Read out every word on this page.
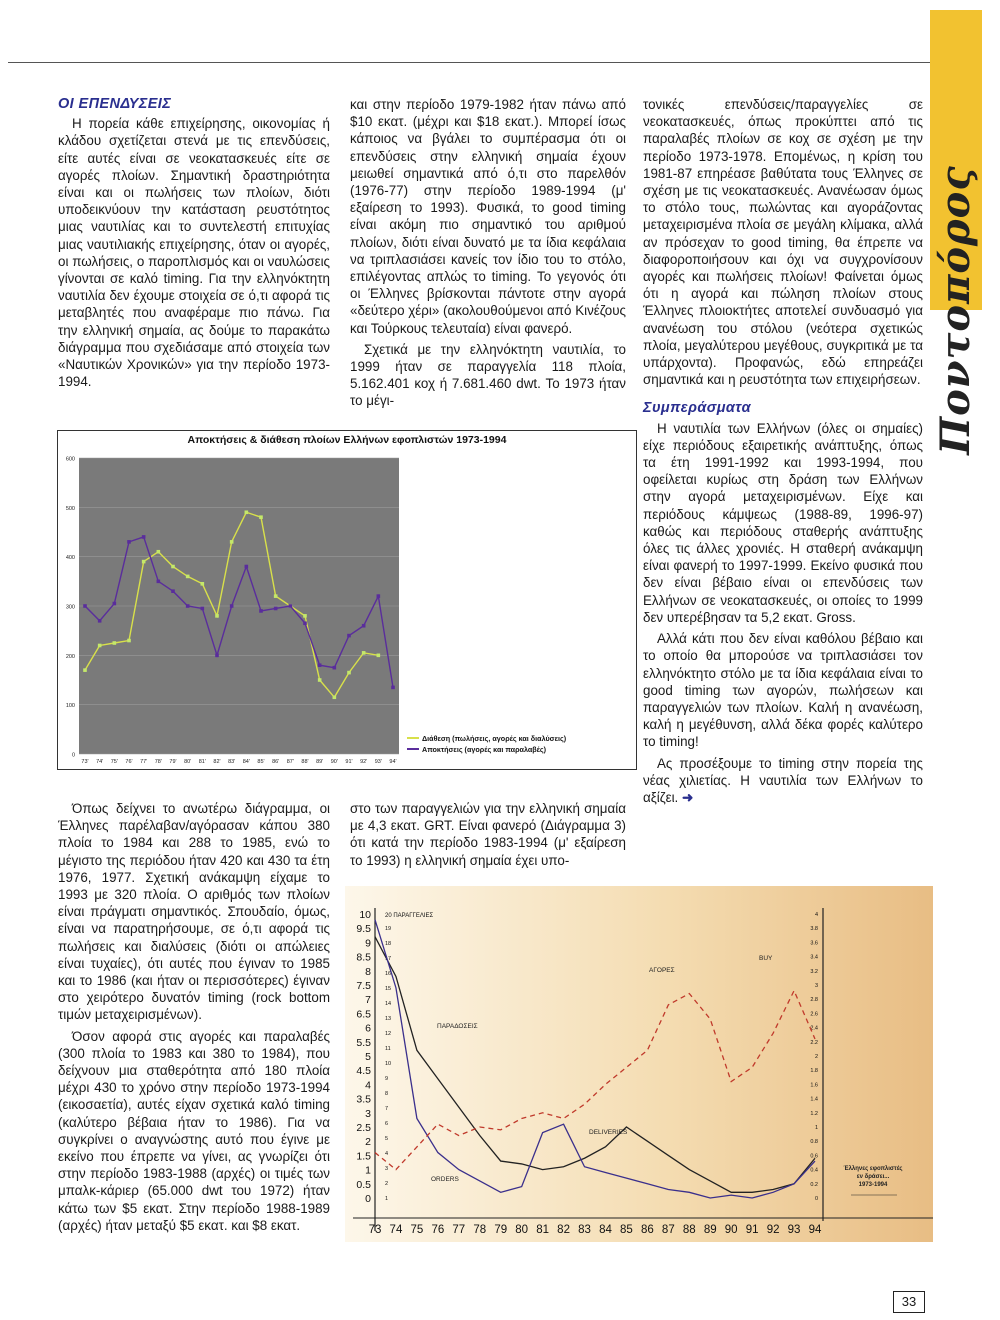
Ποντοπόρος
ΟΙ ΕΠΕΝΔΥΣΕΙΣ

Η πορεία κάθε επιχείρησης, οικονομίας ή κλάδου σχετίζεται στενά με τις επενδύσεις, είτε αυτές είναι σε νεοκατασκευές είτε σε αγορές πλοίων. Σημαντική δραστηριότητα είναι και οι πωλήσεις των πλοίων, διότι υποδεικνύουν την κατάσταση ρευστότητος μιας ναυτιλίας και το συντελεστή επιτυχίας μιας ναυτιλιακής επιχείρησης, όταν οι αγορές, οι πωλήσεις, ο παροπλισμός και οι ναυλώσεις γίνονται σε καλό timing. Για την ελληνόκτητη ναυτιλία δεν έχουμε στοιχεία σε ό,τι αφορά τις μεταβλητές που αναφέραμε πιο πάνω. Για την ελληνική σημαία, ας δούμε το παρακάτω διάγραμμα που σχεδιάσαμε από στοιχεία των «Ναυτικών Χρονικών» για την περίοδο 1973-1994.

και στην περίοδο 1979-1982 ήταν πάνω από $10 εκατ. (μέχρι και $18 εκατ.). Μπορεί ίσως κάποιος να βγάλει το συμπέρασμα ότι οι επενδύσεις στην ελληνική σημαία έχουν μειωθεί σημαντικά από ό,τι στο παρελθόν (1976-77) στην περίοδο 1989-1994 (μ' εξαίρεση το 1993). Φυσικά, το good timing είναι ακόμη πιο σημαντικό του αριθμού πλοίων, διότι είναι δυνατό με τα ίδια κεφάλαια να τριπλασιάσει κανείς τον ίδιο του το στόλο, επιλέγοντας απλώς το timing. Το γεγονός ότι οι Έλληνες βρίσκονται πάντοτε στην αγορά «δεύτερο χέρι» (ακολουθούμενοι από Κινέζους και Τούρκους τελευταία) είναι φανερό.

Σχετικά με την ελληνόκτητη ναυτιλία, το 1999 ήταν σε παραγγελία 118 πλοία, 5.162.401 κοχ ή 7.681.460 dwt. Το 1973 ήταν το μέγι-

τονικές επενδύσεις/παραγγελίες σε νεοκατασκευές, όπως προκύπτει από τις παραλαβές πλοίων σε κοχ σε σχέση με την περίοδο 1973-1978. Επομένως, η κρίση του 1981-87 επηρέασε βαθύτατα τους Έλληνες σε σχέση με τις νεοκατασκευές. Ανανέωσαν όμως το στόλο τους, πωλώντας και αγοράζοντας μεταχειρισμένα πλοία σε μεγάλη κλίμακα, αλλά αν πρόσεχαν το good timing, θα έπρεπε να διαφοροποιήσουν και όχι να συγχρονίσουν αγορές και πωλήσεις πλοίων! Φαίνεται όμως ότι η αγορά και πώληση πλοίων στους Έλληνες πλοιοκτήτες αποτελεί συνδυασμό για ανανέωση του στόλου (νεότερα σχετικώς πλοία, μεγαλύτερου μεγέθους, συγκριτικά με τα υπάρχοντα). Προφανώς, εδώ επηρεάζει σημαντικά και η ρευστότητα των επιχειρήσεων.

Συμπεράσματα

Η ναυτιλία των Ελλήνων (όλες οι σημαίες) είχε περιόδους εξαιρετικής ανάπτυξης, όπως τα έτη 1991-1992 και 1993-1994, που οφείλεται κυρίως στη δράση των Ελλήνων στην αγορά μεταχειρισμένων. Είχε και περιόδους κάμψεως (1988-89, 1996-97) καθώς και περιόδους σταθερής ανάπτυξης όλες τις άλλες χρονιές. Η σταθερή ανάκαμψη είναι φανερή το 1997-1999. Εκείνο φυσικά που δεν είναι βέβαιο είναι οι επενδύσεις των Ελλήνων σε νεοκατασκευές, οι οποίες το 1999 δεν υπερέβησαν τα 5,2 εκατ. Gross.

Αλλά κάτι που δεν είναι καθόλου βέβαιο και το οποίο θα μπορούσε να τριπλασιάσει τον ελληνόκτητο στόλο με τα ίδια κεφάλαια είναι το good timing των αγορών, πωλήσεων και παραγγελιών των πλοίων. Καλή η ανανέωση, καλή η μεγέθυνση, αλλά δέκα φορές καλύτερο το timing!

Ας προσέξουμε το timing στην πορεία της νέας χιλιετίας. Η ναυτιλία των Ελλήνων το αξίζει. ➜

Όπως δείχνει το ανωτέρω διάγραμμα, οι Έλληνες παρέλαβαν/αγόρασαν κάπου 380 πλοία το 1984 και 288 το 1985, ενώ το μέγιστο της περιόδου ήταν 420 και 430 τα έτη 1976, 1977. Σχετική ανάκαμψη είχαμε το 1993 με 320 πλοία. Ο αριθμός των πλοίων είναι πράγματι σημαντικός. Σπουδαίο, όμως, είναι να παρατηρήσουμε, σε ό,τι αφορά τις πωλήσεις και διαλύσεις (διότι οι απώλειες είναι τυχαίες), ότι αυτές που έγιναν το 1985 και το 1986 (και ήταν οι περισσότερες) έγιναν στο χειρότερο δυνατόν timing (rock bottom τιμών μεταχειρισμένων).

Όσον αφορά στις αγορές και παραλαβές (300 πλοία το 1983 και 380 το 1984), που δείχνουν μια σταθερότητα από 180 πλοία μέχρι 430 το χρόνο στην περίοδο 1973-1994 (εικοσαετία), αυτές είχαν σχετικά καλό timing (καλύτερο βέβαια ήταν το 1986). Για να συγκρίνει ο αναγνώστης αυτό που έγινε με εκείνο που έπρεπε να γίνει, ας γνωρίζει ότι στην περίοδο 1983-1988 (αρχές) οι τιμές των μπαλκ-κάριερ (65.000 dwt του 1972) ήταν κάτω των $5 εκατ. Στην περίοδο 1988-1989 (αρχές) ήταν μεταξύ $5 εκατ. και $8 εκατ.

στο των παραγγελιών για την ελληνική σημαία με 4,3 εκατ. GRT. Είναι φανερό (Διάγραμμα 3) ότι κατά την περίοδο 1983-1994 (μ' εξαίρεση το 1993) η ελληνική σημαία έχει υπο-

Αποκτήσεις & διάθεση πλοίων Ελλήνων εφοπλιστών 1973-1994
0
100
200
300
400
500
600
73' 74' 75' 76' 77' 78' 79' 80' 81' 82' 83' 84' 85' 86' 87' 88' 89' 90' 91' 92' 93' 94'
Διάθεση (πωλήσεις, αγορές και διαλύσεις)
Αποκτήσεις (αγορές και παραλαβές)
10
9.5
9
8.5
8
7.5
7
6.5
6
5.5
5
4.5
4
3.5
3
2.5
2
1.5
1
0.5
0
20 ΠΑΡΑΓΓΕΛΙΕΣ
19
18
17
16
15
14
13
12
11
10
9
8
7
6
5
4
3
2
1
4
3.8
3.6
3.4
3.2
3
2.8
2.6
2.4
2.2
2
1.8
1.6
1.4
1.2
1
0.8
0.6
0.4
0.2
0
73 74 75 76 77 78 79 80 81 82 83 84 85 86 87 88 89 90 91 92 93 94
ΠΑΡΑΔΟΣΕΙΣ
DELIVERIES
ORDERS
ΑΓΟΡΕΣ
BUY
Έλληνες εφοπλιστές εν δράσει... 1973-1994
33
